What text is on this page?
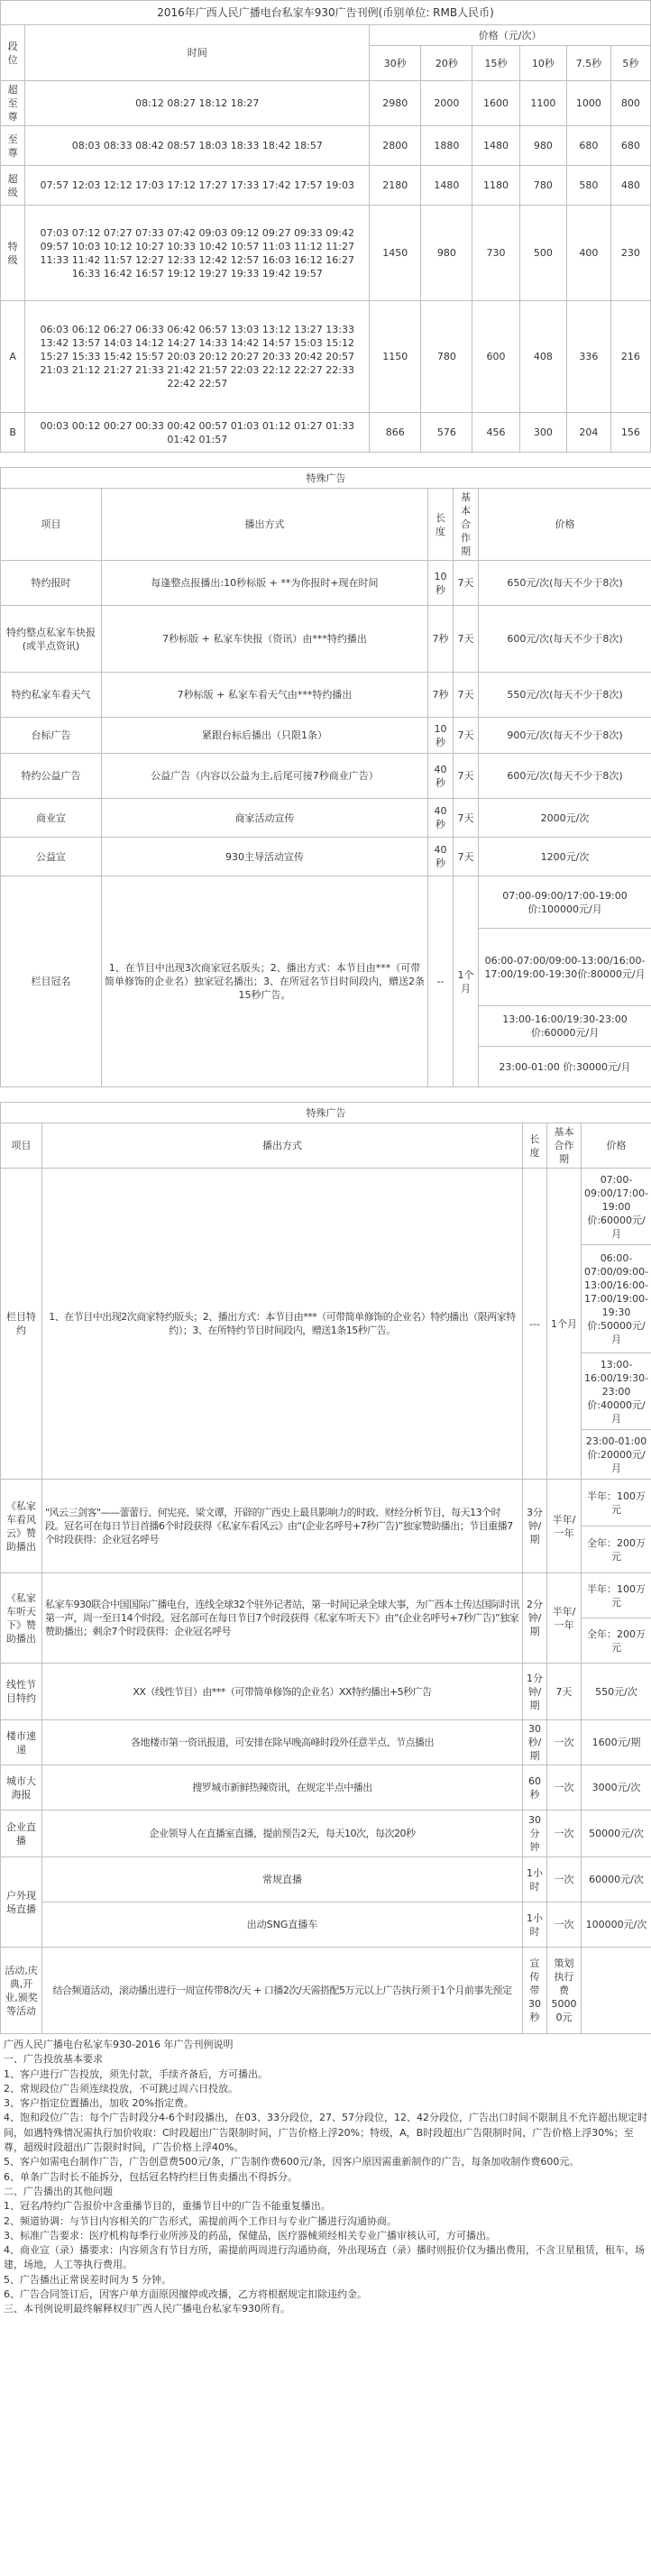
2016年广西人民广播电台私家车930广告刊例(币别单位: RMB人民币)							
段位	时间	价格（元/次）					
		30秒	20秒	15秒	10秒	7.5秒	5秒
超至尊	08:12 08:27 18:12 18:27	2980	2000	1600	1100	1000	800
至尊	08:03 08:33 08:42 08:57 18:03 18:33 18:42 18:57	2800	1880	1480	980	680	680
超级	07:57 12:03 12:12 17:03 17:12 17:27 17:33 17:42 17:57 19:03	2180	1480	1180	780	580	480
特级	07:03 07:12 07:27 07:33 07:42 09:03 09:12 09:27 09:33 09:42 09:57 10:03 10:12 10:27 10:33 10:42 10:57 11:03 11:12 11:27 11:33 11:42 11:57 12:27 12:33 12:42 12:57 16:03 16:12 16:27 16:33 16:42 16:57 19:12 19:27 19:33 19:42 19:57	1450	980	730	500	400	230
A	06:03 06:12 06:27 06:33 06:42 06:57 13:03 13:12 13:27 13:33 13:42 13:57 14:03 14:12 14:27 14:33 14:42 14:57 15:03 15:12 15:27 15:33 15:42 15:57 20:03 20:12 20:27 20:33 20:42 20:57 21:03 21:12 21:27 21:33 21:42 21:57 22:03 22:12 22:27 22:33 22:42 22:57	1150	780	600	408	336	216
B	00:03 00:12 00:27 00:33 00:42 00:57 01:03 01:12 01:27 01:33 01:42 01:57	866	576	456	300	204	156
特殊广告				
项目	播出方式	长度	基本合作期	价格
特约报时	每逢整点报播出:10秒标版 + **为你报时+现在时间	10秒	7天	650元/次(每天不少于8次)
特约整点私家车快报(或半点资讯)	7秒标版 + 私家车快报（资讯）由***特约播出	7秒	7天	600元/次(每天不少于8次)
特约私家车看天气	7秒标版 + 私家车看天气由***特约播出	7秒	7天	550元/次(每天不少于8次)
台标广告	紧跟台标后播出（只限1条）	10秒	7天	900元/次(每天不少于8次)
特约公益广告	公益广告（内容以公益为主,后尾可接7秒商业广告）	40秒	7天	600元/次(每天不少于8次)
商业宣	商家活动宣传	40秒	7天	2000元/次
公益宣	930主导活动宣传	40秒	7天	1200元/次
栏目冠名	1、在节目中出现3次商家冠名版头；2、播出方式：本节目由***（可带简单修饰的企业名）独家冠名播出；3、在所冠名节目时间段内，赠送2条15秒广告。	--	1个月	07:00-09:00/17:00-19:00价:100000元/月
				06:00-07:00/09:00-13:00/16:00-17:00/19:00-19:30价:80000元/月
				13:00-16:00/19:30-23:00价:60000元/月
				23:00-01:00 价:30000元/月
特殊广告				
项目	播出方式	长度	基本合作期	价格
栏目特约	1、在节目中出现2次商家特约版头；2、播出方式：本节目由***（可带简单修饰的企业名）特约播出（限两家特约）；3、在所特约节目时间段内，赠送1条15秒广告。	---	1个月	07:00-09:00/17:00-19:00 价:60000元/月
				06:00-07:00/09:00-13:00/16:00-17:00/19:00-19:30 价:50000元/月
				13:00-16:00/19:30-23:00 价:40000元/月
				23:00-01:00 价:20000元/月
《私家车看风云》赞助播出	"风云三剑客"——蕾蕾行、何宪亮、梁文谭，开辟的广西史上最具影响力的时政、财经分析节目，每天13个时段。冠名可在每日节目首播6个时段获得《私家车看风云》由“(企业名呼号+7秒广告)”独家赞助播出；节目重播7个时段获得：企业冠名呼号	3分钟/期	半年/一年	半年：100万元
				全年：200万元
《私家车听天下》赞助播出	私家车930联合中国国际广播电台，连线全球32个驻外记者站，第一时间记录全球大事，为广西本土传达国际时讯第一声，周一至日14个时段。冠名部可在每日节目7个时段获得《私家车听天下》由“(企业名呼号+7秒广告)”独家赞助播出；剩余7个时段获得：企业冠名呼号	2分钟/期	半年/一年	半年：100万元
				全年：200万元
线性节目特约	XX（线性节目）由***（可带简单修饰的企业名）XX特约播出+5秒广告	1分钟/期	7天	550元/次
楼市速递	各地楼市第一资讯报道，可安排在除早晚高峰时段外任意半点、节点播出	30秒/期	一次	1600元/期
城市大海报	搜罗城市新鲜热辣资讯，在规定半点中播出	60秒	一次	3000元/次
企业直播	企业领导人在直播室直播，提前预告2天，每天10次，每次20秒	30分钟	一次	50000元/次
户外现场直播	常规直播	1小时	一次	60000元/次
	出动SNG直播车	1小时	一次	100000元/次
活动,庆典,开业,颁奖等活动	结合频道活动，滚动播出进行一周宣传带8次/天 + 口播2次/天需搭配5万元以上广告执行须于1个月前事先预定	宣传带30秒	策划执行费50000元	
广西人民广播电台私家车930-2016 年广告刊例说明
一、广告投放基本要求
1、客户进行广告投放，须先付款，手续齐备后，方可播出。
2、常规段位广告须连续投放，不可跳过周六日投放。
3、客户指定位置播出，加收 20%指定费。
4、饱和段位广告：每个广告时段分4-6个时段播出，在03、33分段位，27、57分段位，12、42分段位，广告出口时间不限制且不允许超出规定时间，如遇特殊情况需执行加价收取：C时段超出广告限制时间，广告价格上浮20%；特级，A，B时段超出广告限制时间，广告价格上浮30%；至尊，超级时段超出广告限时时间，广告价格上浮40%。
5、客户如需电台制作广告，广告创意费500元/条，广告制作费600元/条，因客户原因需重新制作的广告，每条加收制作费600元。
6、单条广告时长不能拆分，包括冠名特约栏目售卖播出不得拆分。
二、广告播出的其他问题
1、冠名/特约广告报价中含重播节目的，重播节目中的广告不能重复播出。
2、频道协调：与节目内容相关的广告形式，需提前两个工作日与专业广播进行沟通协商。
3、标准广告要求：医疗机构每季行业所涉及的药品，保健品，医疗器械须经相关专业广播审核认可，方可播出。
4、商业宣（录）播要求：内容须含有节目方所，需提前两周进行沟通协商，外出现场直（录）播时则报价仅为播出费用，不含卫星租赁，租车，场建，场地，人工等执行费用。
5、广告播出正常误差时间为 5 分钟。
6、广告合同签订后，因客户单方面原因擅停或改播，乙方将根据规定扣除违约金。
三、本刊例说明最终解释权归广西人民广播电台私家车930所有。
